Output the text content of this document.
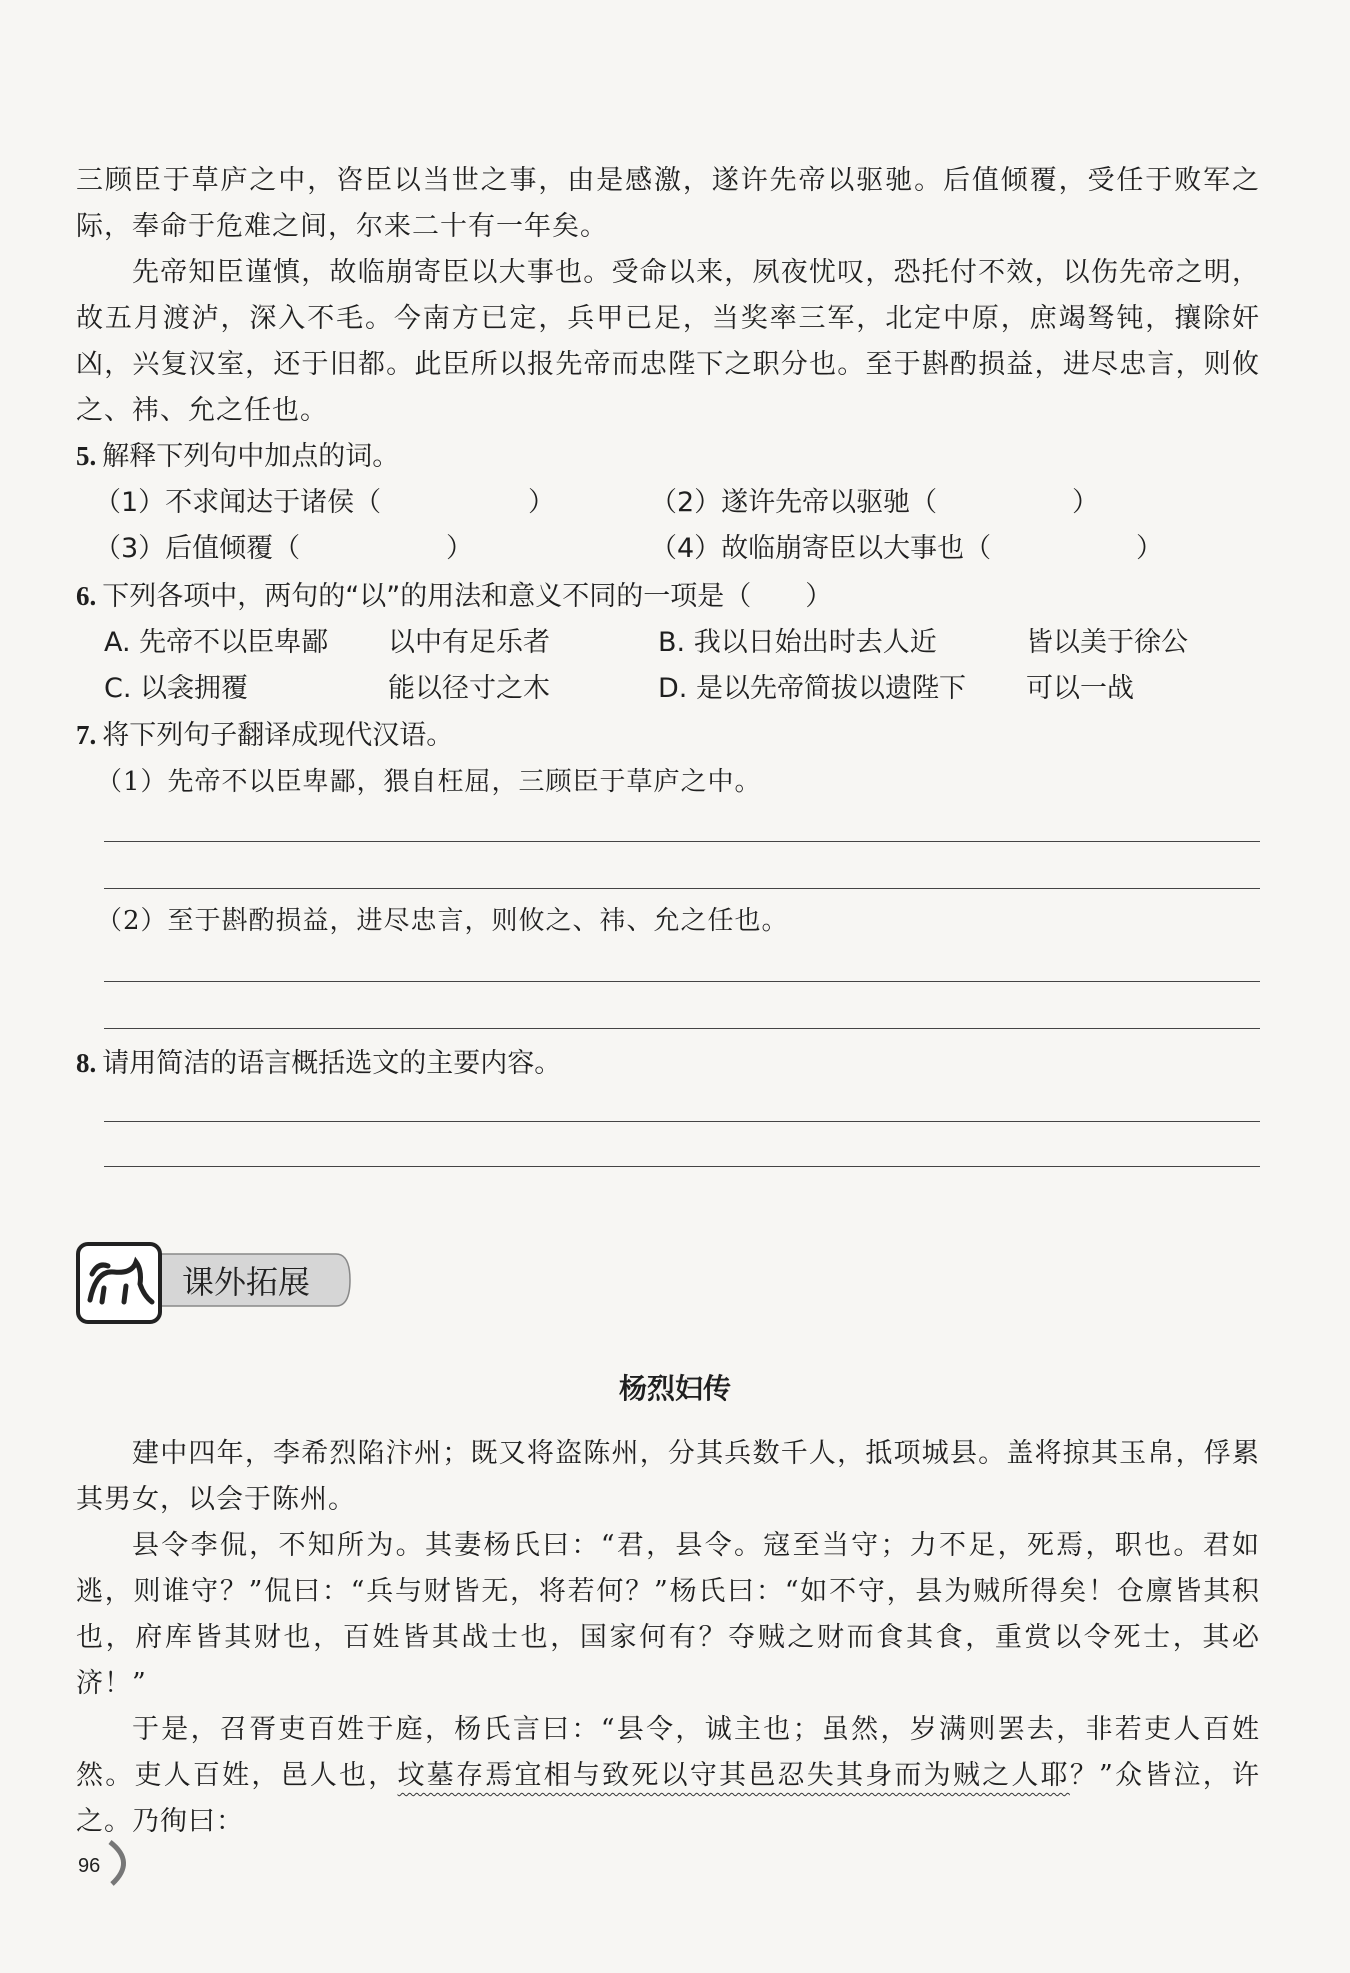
三顾臣于草庐之中，咨臣以当世之事，由是感激，遂许先帝以驱驰。后值倾覆，受任于败军之际，奉命于危难之间，尔来二十有一年矣。

先帝知臣谨慎，故临崩寄臣以大事也。受命以来，夙夜忧叹，恐托付不效，以伤先帝之明，故五月渡泸，深入不毛。今南方已定，兵甲已足，当奖率三军，北定中原，庶竭驽钝，攘除奸凶，兴复汉室，还于旧都。此臣所以报先帝而忠陛下之职分也。至于斟酌损益，进尽忠言，则攸之、祎、允之任也。

5. 解释下列句中加点的词。

（1）不求闻达于诸侯（	）	（2）遂许先帝以驱驰（	）
（3）后值倾覆（	）	（4）故临崩寄臣以大事也（	）

6. 下列各项中，两句的“以”的用法和意义不同的一项是（　　）

A. 先帝不以臣卑鄙 以中有足乐者	B. 我以日始出时去人近	皆以美于徐公
C. 以衾拥覆	能以径寸之木	D. 是以先帝简拔以遗陛下 可以一战

7. 将下列句子翻译成现代汉语。

（1）先帝不以臣卑鄙，猥自枉屈，三顾臣于草庐之中。

（2）至于斟酌损益，进尽忠言，则攸之、祎、允之任也。

8. 请用简洁的语言概括选文的主要内容。

课外拓展
杨烈妇传

建中四年，李希烈陷汴州；既又将盗陈州，分其兵数千人，抵项城县。盖将掠其玉帛，俘累其男女，以会于陈州。

县令李侃，不知所为。其妻杨氏曰：“君，县令。寇至当守；力不足，死焉，职也。君如逃，则谁守？”侃曰：“兵与财皆无，将若何？”杨氏曰：“如不守，县为贼所得矣！仓廪皆其积也，府库皆其财也，百姓皆其战士也，国家何有？夺贼之财而食其食，重赏以令死士，其必济！”

于是，召胥吏百姓于庭，杨氏言曰：“县令，诚主也；虽然，岁满则罢去，非若吏人百姓然。吏人百姓，邑人也，坟墓存焉宜相与致死以守其邑忍失其身而为贼之人耶？”众皆泣，许之。乃徇曰：

96
